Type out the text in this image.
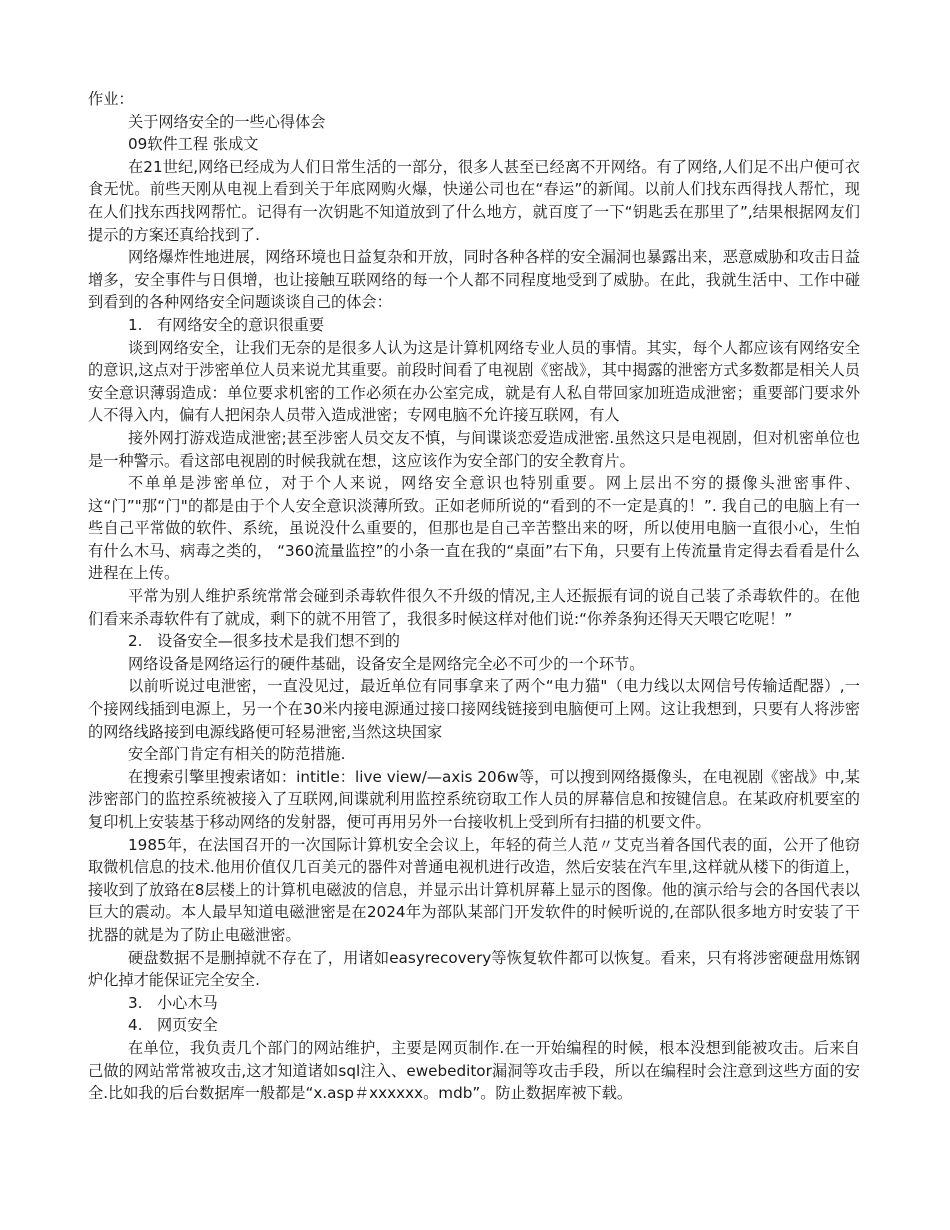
作业：

关于网络安全的一些心得体会

09软件工程 张成文

在21世纪,网络已经成为人们日常生活的一部分，很多人甚至已经离不开网络。有了网络,人们足不出户便可衣食无忧。前些天刚从电视上看到关于年底网购火爆，快递公司也在“春运”的新闻。以前人们找东西得找人帮忙，现在人们找东西找网帮忙。记得有一次钥匙不知道放到了什么地方，就百度了一下“钥匙丢在那里了”,结果根据网友们提示的方案还真给找到了.

网络爆炸性地进展，网络环境也日益复杂和开放，同时各种各样的安全漏洞也暴露出来，恶意威胁和攻击日益增多，安全事件与日俱增，也让接触互联网络的每一个人都不同程度地受到了威胁。在此，我就生活中、工作中碰到看到的各种网络安全问题谈谈自己的体会：

1.   有网络安全的意识很重要

谈到网络安全，让我们无奈的是很多人认为这是计算机网络专业人员的事情。其实，每个人都应该有网络安全的意识,这点对于涉密单位人员来说尤其重要。前段时间看了电视剧《密战》，其中揭露的泄密方式多数都是相关人员安全意识薄弱造成：单位要求机密的工作必须在办公室完成，就是有人私自带回家加班造成泄密；重要部门要求外人不得入内，偏有人把闲杂人员带入造成泄密；专网电脑不允许接互联网，有人

接外网打游戏造成泄密;甚至涉密人员交友不慎，与间谍谈恋爱造成泄密.虽然这只是电视剧，但对机密单位也是一种警示。看这部电视剧的时候我就在想，这应该作为安全部门的安全教育片。

不单单是涉密单位，对于个人来说，网络安全意识也特别重要。网上层出不穷的摄像头泄密事件、这“门”"那“门"的都是由于个人安全意识淡薄所致。正如老师所说的“看到的不一定是真的！”. 我自己的电脑上有一些自己平常做的软件、系统，虽说没什么重要的，但那也是自己辛苦整出来的呀，所以使用电脑一直很小心，生怕有什么木马、病毒之类的， “360流量监控”的小条一直在我的“桌面”右下角，只要有上传流量肯定得去看看是什么进程在上传。

平常为别人维护系统常常会碰到杀毒软件很久不升级的情况,主人还振振有词的说自己装了杀毒软件的。在他们看来杀毒软件有了就成，剩下的就不用管了，我很多时候这样对他们说:“你养条狗还得天天喂它吃呢！”

2.   设备安全—很多技术是我们想不到的

网络设备是网络运行的硬件基础，设备安全是网络完全必不可少的一个环节。

以前听说过电泄密，一直没见过，最近单位有同事拿来了两个“电力猫"（电力线以太网信号传输适配器）,一个接网线插到电源上，另一个在30米内接电源通过接口接网线链接到电脑便可上网。这让我想到，只要有人将涉密的网络线路接到电源线路便可轻易泄密,当然这块国家

安全部门肯定有相关的防范措施.

在搜索引擎里搜索诸如：intitle：live view/—axis 206w等，可以搜到网络摄像头，在电视剧《密战》中,某涉密部门的监控系统被接入了互联网,间谍就利用监控系统窃取工作人员的屏幕信息和按键信息。在某政府机要室的复印机上安装基于移动网络的发射器，便可再用另外一台接收机上受到所有扫描的机要文件。

1985年，在法国召开的一次国际计算机安全会议上，年轻的荷兰人范〃艾克当着各国代表的面，公开了他窃取微机信息的技术.他用价值仅几百美元的器件对普通电视机进行改造，然后安装在汽车里,这样就从楼下的街道上，接收到了放臵在8层楼上的计算机电磁波的信息，并显示出计算机屏幕上显示的图像。他的演示给与会的各国代表以巨大的震动。本人最早知道电磁泄密是在2024年为部队某部门开发软件的时候听说的,在部队很多地方时安装了干扰器的就是为了防止电磁泄密。

硬盘数据不是删掉就不存在了，用诸如easyrecovery等恢复软件都可以恢复。看来，只有将涉密硬盘用炼钢炉化掉才能保证完全安全.

3.   小心木马

4.   网页安全

在单位，我负责几个部门的网站维护，主要是网页制作.在一开始编程的时候，根本没想到能被攻击。后来自己做的网站常常被攻击,这才知道诸如sql注入、ewebeditor漏洞等攻击手段，所以在编程时会注意到这些方面的安全.比如我的后台数据库一般都是“x.asp＃xxxxxx。mdb”。防止数据库被下载。
